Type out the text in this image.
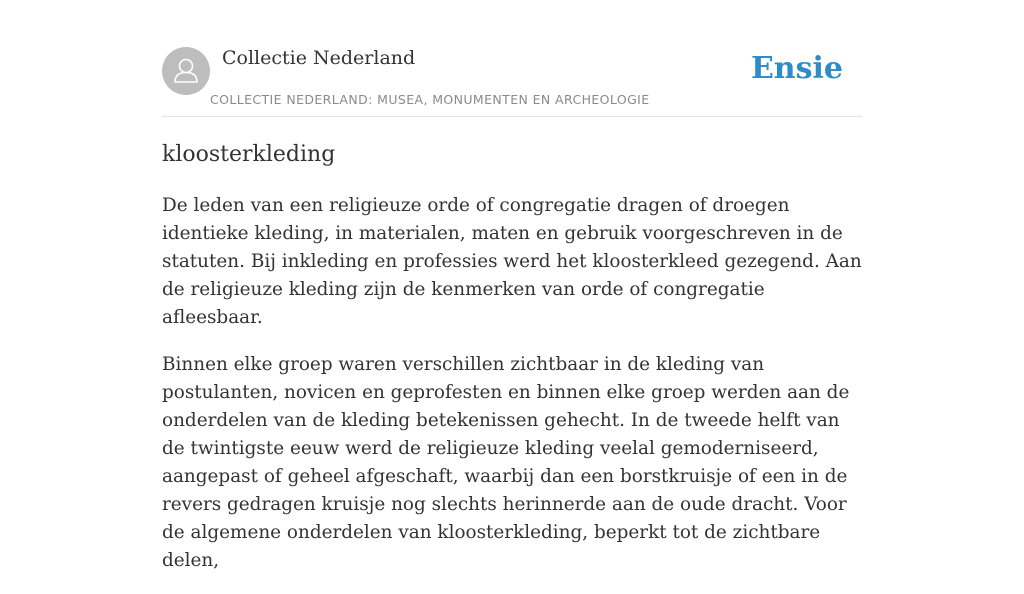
Collectie Nederland
COLLECTIE NEDERLAND: MUSEA, MONUMENTEN EN ARCHEOLOGIE
Ensie
kloosterkleding

De leden van een religieuze orde of congregatie dragen of droegen identieke kleding, in materialen, maten en gebruik voorgeschreven in de statuten. Bij inkleding en professies werd het kloosterkleed gezegend. Aan de religieuze kleding zijn de kenmerken van orde of congregatie afleesbaar.

Binnen elke groep waren verschillen zichtbaar in de kleding van postulanten, novicen en geprofesten en binnen elke groep werden aan de onderdelen van de kleding betekenissen gehecht. In de tweede helft van de twintigste eeuw werd de religieuze kleding veelal gemoderniseerd, aangepast of geheel afgeschaft, waarbij dan een borstkruisje of een in de revers gedragen kruisje nog slechts herinnerde aan de oude dracht. Voor de algemene onderdelen van kloosterkleding, beperkt tot de zichtbare delen,
